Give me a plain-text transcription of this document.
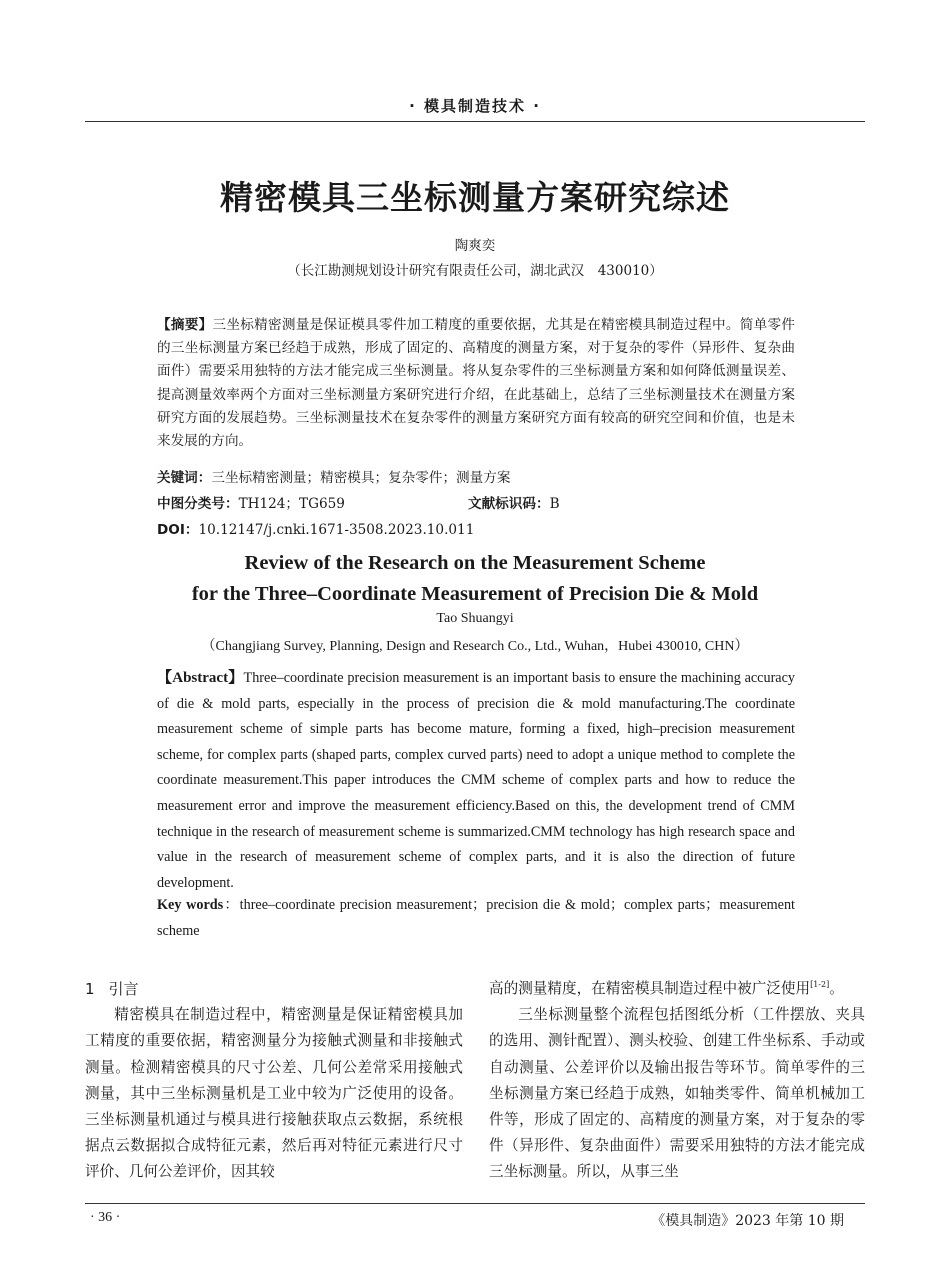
· 模具制造技术 ·
精密模具三坐标测量方案研究综述
陶爽奕
（长江勘测规划设计研究有限责任公司，湖北武汉　430010）

【摘要】三坐标精密测量是保证模具零件加工精度的重要依据，尤其是在精密模具制造过程中。简单零件的三坐标测量方案已经趋于成熟，形成了固定的、高精度的测量方案，对于复杂的零件（异形件、复杂曲面件）需要采用独特的方法才能完成三坐标测量。将从复杂零件的三坐标测量方案和如何降低测量误差、提高测量效率两个方面对三坐标测量方案研究进行介绍，在此基础上，总结了三坐标测量技术在测量方案研究方面的发展趋势。三坐标测量技术在复杂零件的测量方案研究方面有较高的研究空间和价值，也是未来发展的方向。

关键词：三坐标精密测量；精密模具；复杂零件；测量方案
中图分类号：TH124；TG659	文献标识码：B
DOI：10.12147/j.cnki.1671-3508.2023.10.011
Review of the Research on the Measurement Scheme
for the Three–Coordinate Measurement of Precision Die & Mold
Tao Shuangyi
（Changjiang Survey, Planning, Design and Research Co., Ltd., Wuhan，Hubei 430010, CHN）

【Abstract】Three–coordinate precision measurement is an important basis to ensure the machining accuracy of die & mold parts, especially in the process of precision die & mold manufacturing.The coordinate measurement scheme of simple parts has become mature, forming a fixed, high–precision measurement scheme, for complex parts (shaped parts, complex curved parts) need to adopt a unique method to complete the coordinate measurement.This paper introduces the CMM scheme of complex parts and how to reduce the measurement error and improve the measurement efficiency.Based on this, the development trend of CMM technique in the research of measurement scheme is summarized.CMM technology has high research space and value in the research of measurement scheme of complex parts, and it is also the direction of future development.

Key words：three–coordinate precision measurement；precision die & mold；complex parts；measurement scheme

1 引言

精密模具在制造过程中，精密测量是保证精密模具加工精度的重要依据，精密测量分为接触式测量和非接触式测量。检测精密模具的尺寸公差、几何公差常采用接触式测量，其中三坐标测量机是工业中较为广泛使用的设备。三坐标测量机通过与模具进行接触获取点云数据，系统根据点云数据拟合成特征元素，然后再对特征元素进行尺寸评价、几何公差评价，因其较

高的测量精度，在精密模具制造过程中被广泛使用[1-2]。

三坐标测量整个流程包括图纸分析（工件摆放、夹具的选用、测针配置）、测头校验、创建工件坐标系、手动或自动测量、公差评价以及输出报告等环节。简单零件的三坐标测量方案已经趋于成熟，如轴类零件、简单机械加工件等，形成了固定的、高精度的测量方案，对于复杂的零件（异形件、复杂曲面件）需要采用独特的方法才能完成三坐标测量。所以，从事三坐

· 36 ·	《模具制造》2023 年第 10 期
